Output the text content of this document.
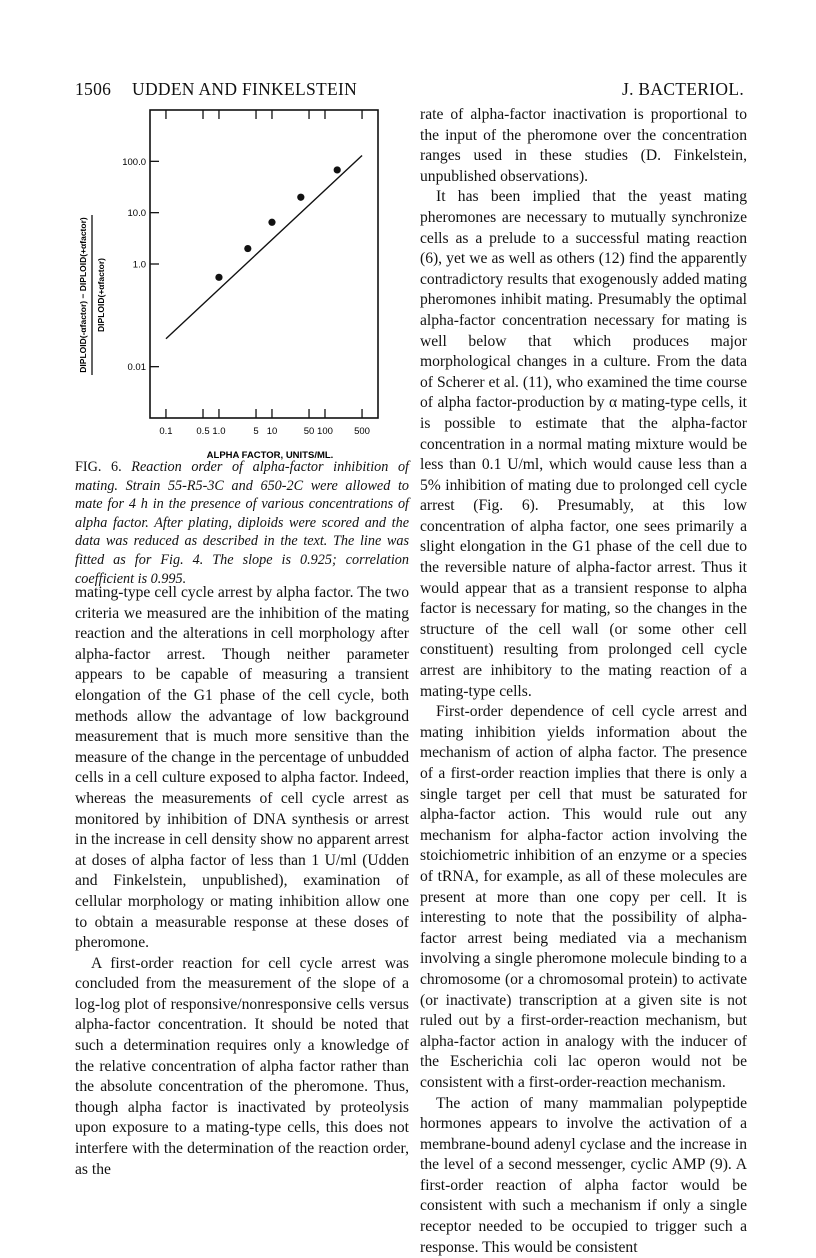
1506 UDDEN AND FINKELSTEIN	J. BACTERIOL.
DIPLOID(-αfactor) − DIPLOID(+αfactor) DIPLOID(+αfactor)
0.1	0.5 1.0	5 10	50 100 500
100.0
10.0
1.0
0.01
ALPHA FACTOR, UNITS/ML.
FIG. 6. Reaction order of alpha-factor inhibition of mating. Strain 55-R5-3C and 650-2C were allowed to mate for 4 h in the presence of various concentrations of alpha factor. After plating, diploids were scored and the data was reduced as described in the text. The line was fitted as for Fig. 4. The slope is 0.925; correlation coefficient is 0.995.

mating-type cell cycle arrest by alpha factor. The two criteria we measured are the inhibition of the mating reaction and the alterations in cell morphology after alpha-factor arrest. Though neither parameter appears to be capable of measuring a transient elongation of the G1 phase of the cell cycle, both methods allow the advantage of low background measurement that is much more sensitive than the measure of the change in the percentage of unbudded cells in a cell culture exposed to alpha factor. Indeed, whereas the measurements of cell cycle arrest as monitored by inhibition of DNA synthesis or arrest in the increase in cell density show no apparent arrest at doses of alpha factor of less than 1 U/ml (Udden and Finkelstein, unpublished), examination of cellular morphology or mating inhibition allow one to obtain a measurable response at these doses of pheromone.

A first-order reaction for cell cycle arrest was concluded from the measurement of the slope of a log-log plot of responsive/nonresponsive cells versus alpha-factor concentration. It should be noted that such a determination requires only a knowledge of the relative concentration of alpha factor rather than the absolute concentration of the pheromone. Thus, though alpha factor is inactivated by proteolysis upon exposure to a mating-type cells, this does not interfere with the determination of the reaction order, as the

rate of alpha-factor inactivation is proportional to the input of the pheromone over the concentration ranges used in these studies (D. Finkelstein, unpublished observations).

It has been implied that the yeast mating pheromones are necessary to mutually synchronize cells as a prelude to a successful mating reaction (6), yet we as well as others (12) find the apparently contradictory results that exogenously added mating pheromones inhibit mating. Presumably the optimal alpha-factor concentration necessary for mating is well below that which produces major morphological changes in a culture. From the data of Scherer et al. (11), who examined the time course of alpha factor-production by α mating-type cells, it is possible to estimate that the alpha-factor concentration in a normal mating mixture would be less than 0.1 U/ml, which would cause less than a 5% inhibition of mating due to prolonged cell cycle arrest (Fig. 6). Presumably, at this low concentration of alpha factor, one sees primarily a slight elongation in the G1 phase of the cell due to the reversible nature of alpha-factor arrest. Thus it would appear that as a transient response to alpha factor is necessary for mating, so the changes in the structure of the cell wall (or some other cell constituent) resulting from prolonged cell cycle arrest are inhibitory to the mating reaction of a mating-type cells.

First-order dependence of cell cycle arrest and mating inhibition yields information about the mechanism of action of alpha factor. The presence of a first-order reaction implies that there is only a single target per cell that must be saturated for alpha-factor action. This would rule out any mechanism for alpha-factor action involving the stoichiometric inhibition of an enzyme or a species of tRNA, for example, as all of these molecules are present at more than one copy per cell. It is interesting to note that the possibility of alpha-factor arrest being mediated via a mechanism involving a single pheromone molecule binding to a chromosome (or a chromosomal protein) to activate (or inactivate) transcription at a given site is not ruled out by a first-order-reaction mechanism, but alpha-factor action in analogy with the inducer of the Escherichia coli lac operon would not be consistent with a first-order-reaction mechanism.

The action of many mammalian polypeptide hormones appears to involve the activation of a membrane-bound adenyl cyclase and the increase in the level of a second messenger, cyclic AMP (9). A first-order reaction of alpha factor would be consistent with such a mechanism if only a single receptor needed to be occupied to trigger such a response. This would be consistent
